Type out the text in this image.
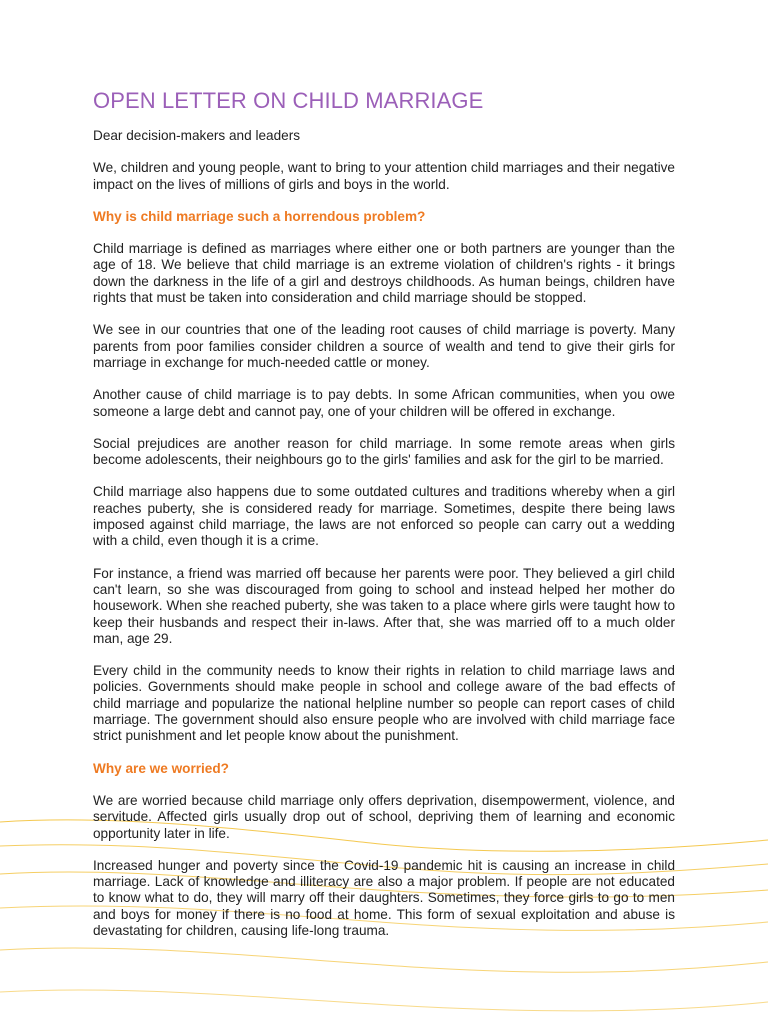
OPEN LETTER ON CHILD MARRIAGE

Dear decision-makers and leaders

We, children and young people, want to bring to your attention child marriages and their negative impact on the lives of millions of girls and boys in the world.

Why is child marriage such a horrendous problem?

Child marriage is defined as marriages where either one or both partners are younger than the age of 18. We believe that child marriage is an extreme violation of children's rights - it brings down the darkness in the life of a girl and destroys childhoods. As human beings, children have rights that must be taken into consideration and child marriage should be stopped.

We see in our countries that one of the leading root causes of child marriage is poverty. Many parents from poor families consider children a source of wealth and tend to give their girls for marriage in exchange for much-needed cattle or money.

Another cause of child marriage is to pay debts. In some African communities, when you owe someone a large debt and cannot pay, one of your children will be offered in exchange.

Social prejudices are another reason for child marriage. In some remote areas when girls become adolescents, their neighbours go to the girls' families and ask for the girl to be married.

Child marriage also happens due to some outdated cultures and traditions whereby when a girl reaches puberty, she is considered ready for marriage. Sometimes, despite there being laws imposed against child marriage, the laws are not enforced so people can carry out a wedding with a child, even though it is a crime.

For instance, a friend was married off because her parents were poor. They believed a girl child can't learn, so she was discouraged from going to school and instead helped her mother do housework. When she reached puberty, she was taken to a place where girls were taught how to keep their husbands and respect their in-laws. After that, she was married off to a much older man, age 29.

Every child in the community needs to know their rights in relation to child marriage laws and policies. Governments should make people in school and college aware of the bad effects of child marriage and popularize the national helpline number so people can report cases of child marriage. The government should also ensure people who are involved with child marriage face strict punishment and let people know about the punishment.

Why are we worried?

We are worried because child marriage only offers deprivation, disempowerment, violence, and servitude. Affected girls usually drop out of school, depriving them of learning and economic opportunity later in life.

Increased hunger and poverty since the Covid-19 pandemic hit is causing an increase in child marriage. Lack of knowledge and illiteracy are also a major problem. If people are not educated to know what to do, they will marry off their daughters. Sometimes, they force girls to go to men and boys for money if there is no food at home. This form of sexual exploitation and abuse is devastating for children, causing life-long trauma.
